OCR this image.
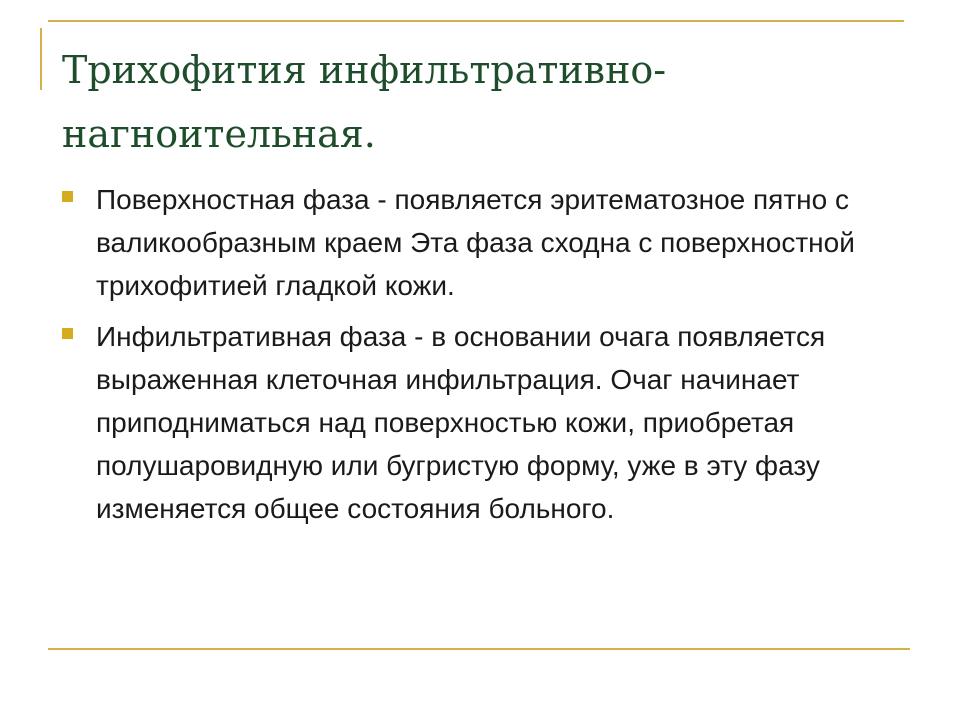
Трихофития инфильтративно-нагноительная.
Поверхностная фаза - появляется эритематозное пятно с валикообразным краем Эта фаза сходна с поверхностной трихофитией гладкой кожи.
Инфильтративная фаза - в основании очага появляется выраженная клеточная инфильтрация. Очаг начинает приподниматься над поверхностью кожи, приобретая полушаровидную или бугристую форму, уже в эту фазу изменяется общее состояния больного.
